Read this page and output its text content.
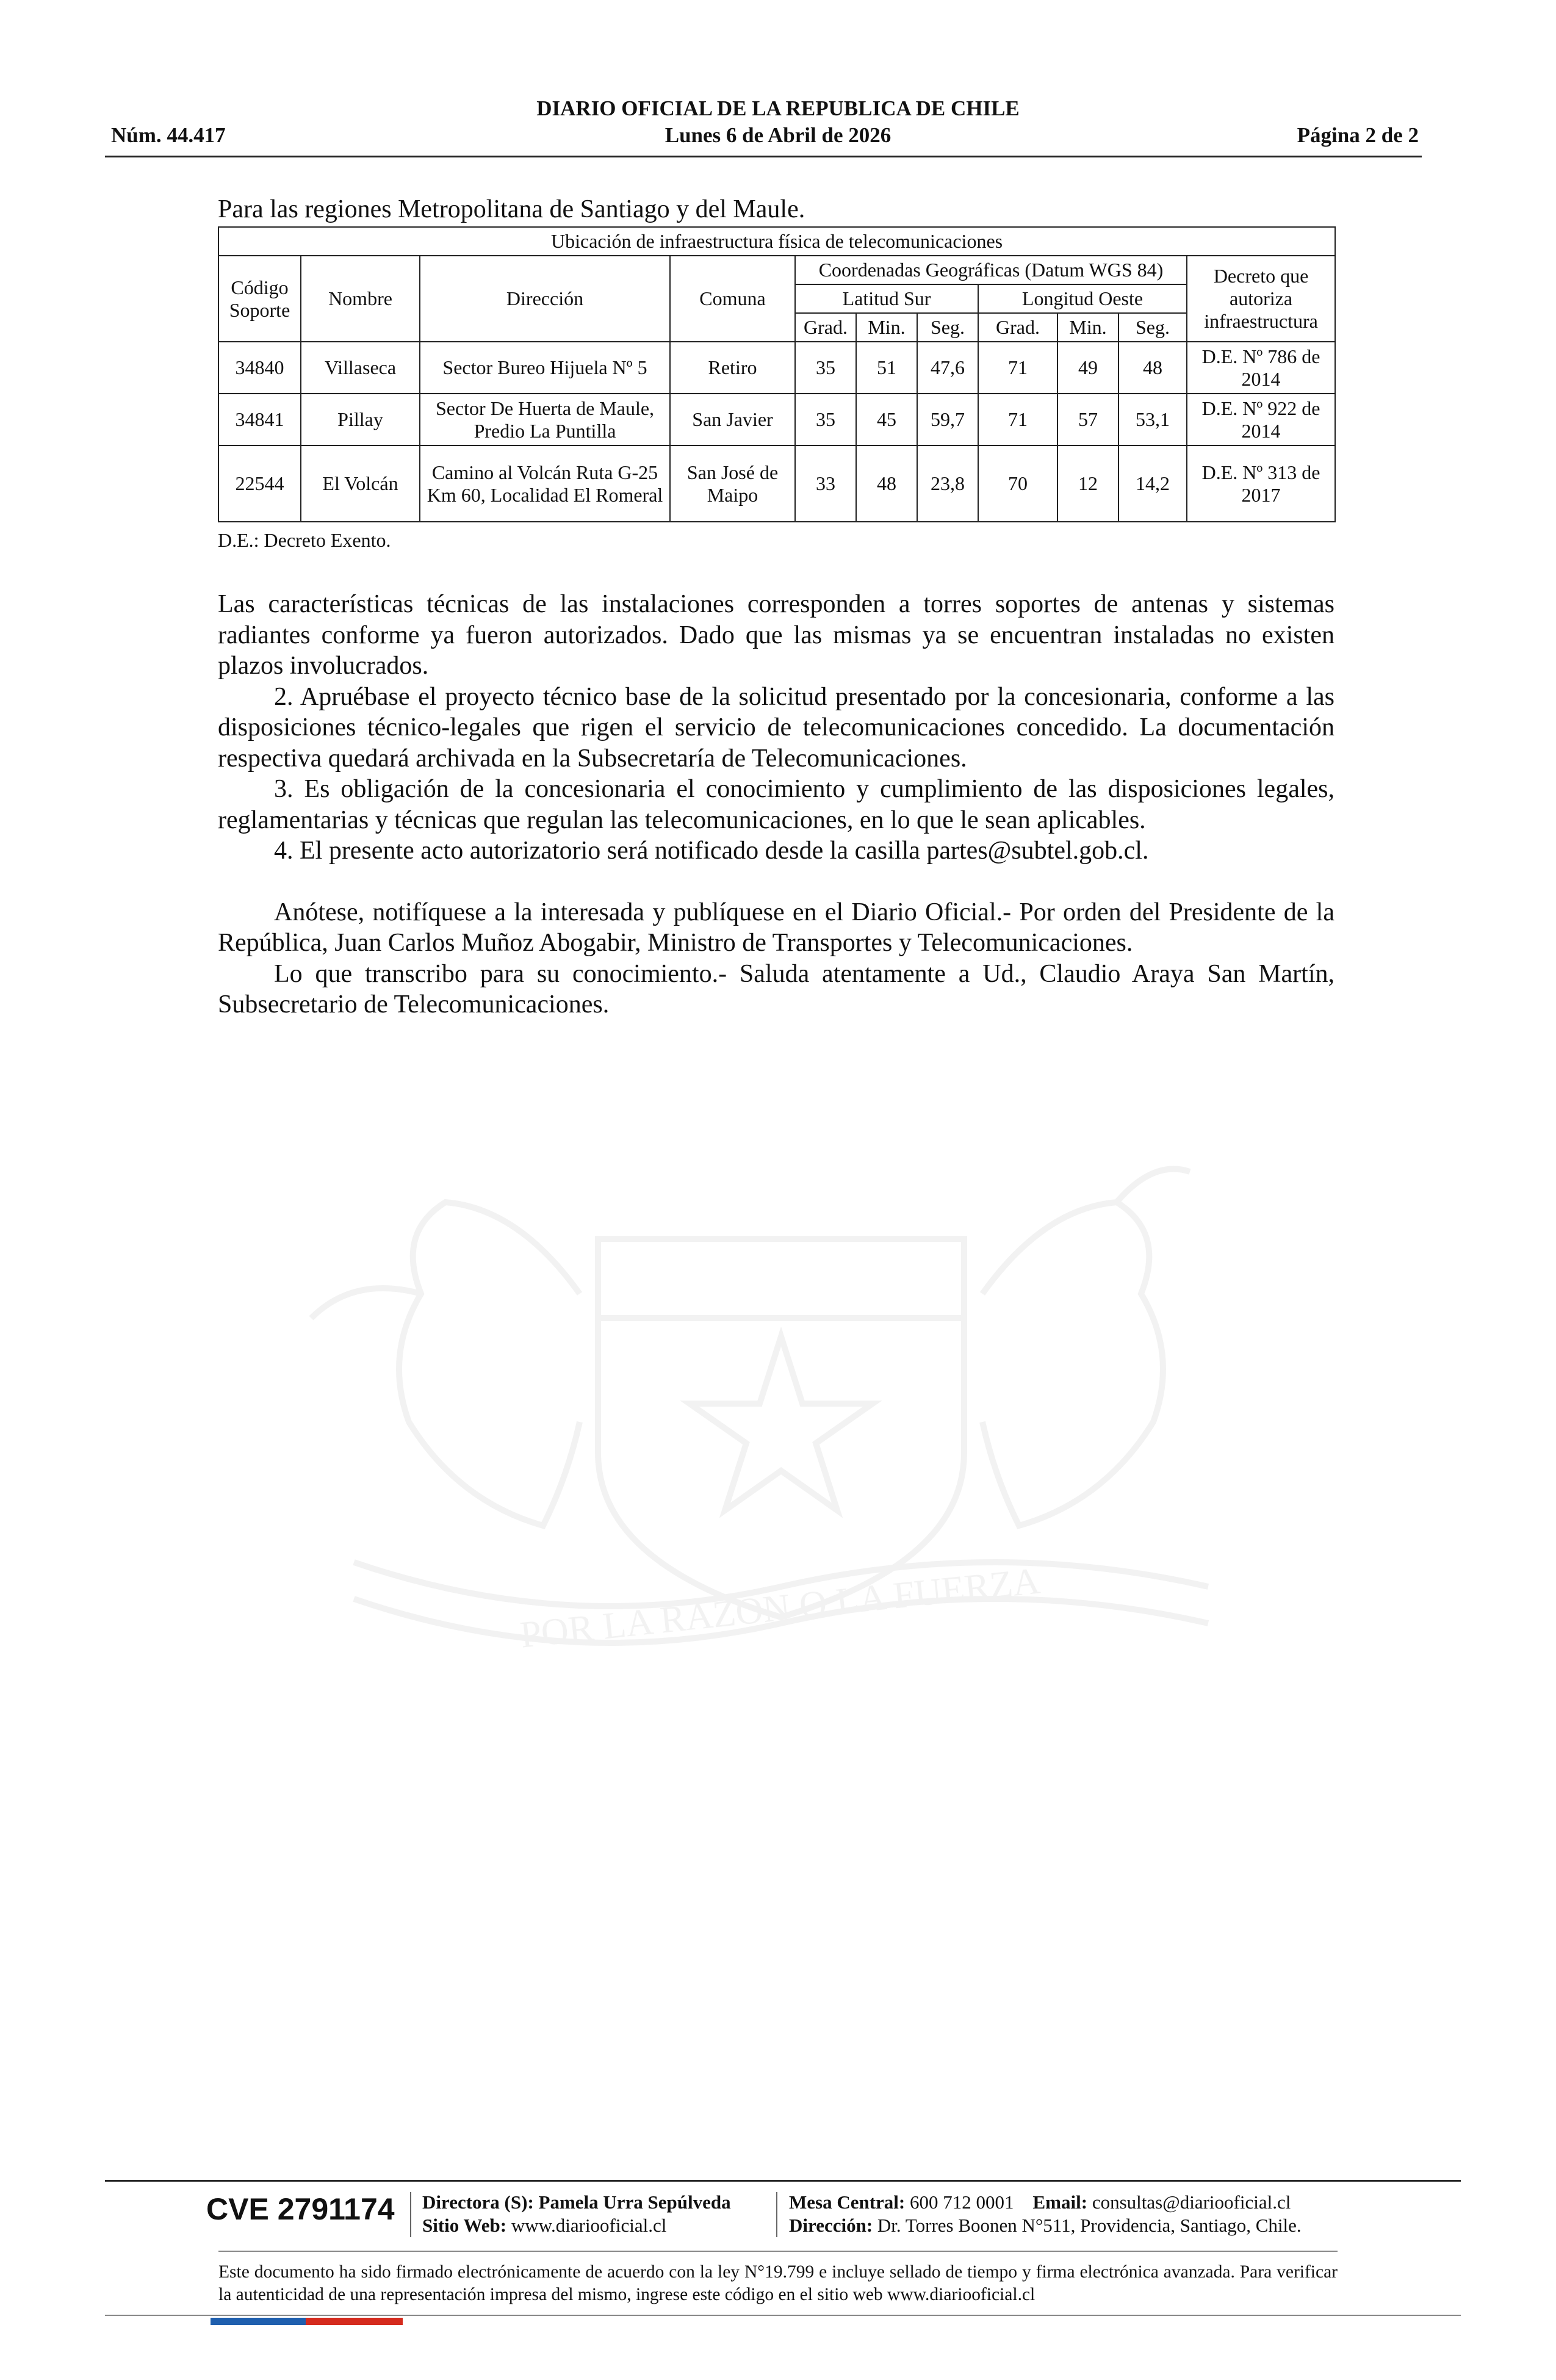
DIARIO OFICIAL DE LA REPUBLICA DE CHILE
Núm. 44.417	Lunes 6 de Abril de 2026	Página 2 de 2
POR LA RAZON O LA FUERZA
Para las regiones Metropolitana de Santiago y del Maule.
Ubicación de infraestructura física de telecomunicaciones										
Código Soporte	Nombre	Dirección	Comuna	Coordenadas Geográficas (Datum WGS 84)						Decreto que autoriza infraestructura
				Latitud Sur			Longitud Oeste			
				Grad.	Min.	Seg.	Grad.	Min.	Seg.	
34840	Villaseca	Sector Bureo Hijuela Nº 5	Retiro	35	51	47,6	71	49	48	D.E. Nº 786 de 2014
34841	Pillay	Sector De Huerta de Maule, Predio La Puntilla	San Javier	35	45	59,7	71	57	53,1	D.E. Nº 922 de 2014
22544	El Volcán	Camino al Volcán Ruta G-25 Km 60, Localidad El Romeral	San José de Maipo	33	48	23,8	70	12	14,2	D.E. Nº 313 de 2017
D.E.: Decreto Exento.

Las características técnicas de las instalaciones corresponden a torres soportes de antenas y sistemas radiantes conforme ya fueron autorizados. Dado que las mismas ya se encuentran instaladas no existen plazos involucrados.

2. Apruébase el proyecto técnico base de la solicitud presentado por la concesionaria, conforme a las disposiciones técnico-legales que rigen el servicio de telecomunicaciones concedido. La documentación respectiva quedará archivada en la Subsecretaría de Telecomunicaciones.

3. Es obligación de la concesionaria el conocimiento y cumplimiento de las disposiciones legales, reglamentarias y técnicas que regulan las telecomunicaciones, en lo que le sean aplicables.

4. El presente acto autorizatorio será notificado desde la casilla partes@subtel.gob.cl.

Anótese, notifíquese a la interesada y publíquese en el Diario Oficial.- Por orden del Presidente de la República, Juan Carlos Muñoz Abogabir, Ministro de Transportes y Telecomunicaciones.

Lo que transcribo para su conocimiento.- Saluda atentamente a Ud., Claudio Araya San Martín, Subsecretario de Telecomunicaciones.

CVE 2791174 Directora (S): Pamela Urra Sepúlveda
Sitio Web: www.diariooficial.cl
Mesa Central: 600 712 0001 Email: consultas@diariooficial.cl
Dirección: Dr. Torres Boonen N°511, Providencia, Santiago, Chile.
Este documento ha sido firmado electrónicamente de acuerdo con la ley N°19.799 e incluye sellado de tiempo y firma electrónica avanzada. Para verificar la autenticidad de una representación impresa del mismo, ingrese este código en el sitio web www.diariooficial.cl
